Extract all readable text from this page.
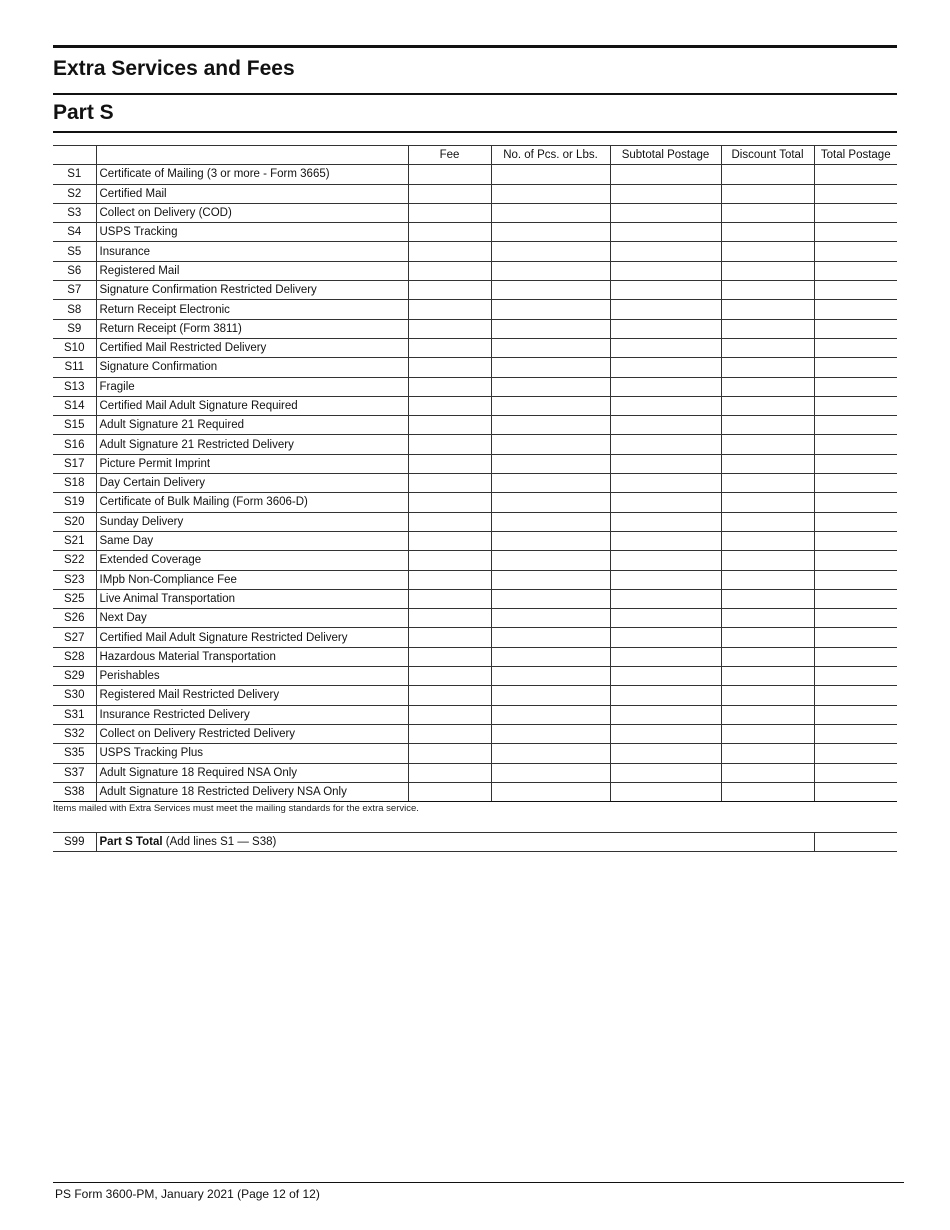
Extra Services and Fees
Part S
		Fee	No. of Pcs. or Lbs.	Subtotal Postage	Discount Total	Total Postage
S1	Certificate of Mailing (3 or more - Form 3665)					
S2	Certified Mail					
S3	Collect on Delivery (COD)					
S4	USPS Tracking					
S5	Insurance					
S6	Registered Mail					
S7	Signature Confirmation Restricted Delivery					
S8	Return Receipt Electronic					
S9	Return Receipt (Form 3811)					
S10	Certified Mail Restricted Delivery					
S11	Signature Confirmation					
S13	Fragile					
S14	Certified Mail Adult Signature Required					
S15	Adult Signature 21 Required					
S16	Adult Signature 21 Restricted Delivery					
S17	Picture Permit Imprint					
S18	Day Certain Delivery					
S19	Certificate of Bulk Mailing (Form 3606-D)					
S20	Sunday Delivery					
S21	Same Day					
S22	Extended Coverage					
S23	IMpb Non-Compliance Fee					
S25	Live Animal Transportation					
S26	Next Day					
S27	Certified Mail Adult Signature Restricted Delivery					
S28	Hazardous Material Transportation					
S29	Perishables					
S30	Registered Mail Restricted Delivery					
S31	Insurance Restricted Delivery					
S32	Collect on Delivery Restricted Delivery					
S35	USPS Tracking Plus					
S37	Adult Signature 18 Required NSA Only					
S38	Adult Signature 18 Restricted Delivery NSA Only					
Items mailed with Extra Services must meet the mailing standards for the extra service.
S99	Part S Total (Add lines S1 — S38)	
PS Form 3600-PM, January 2021 (Page 12 of 12)
